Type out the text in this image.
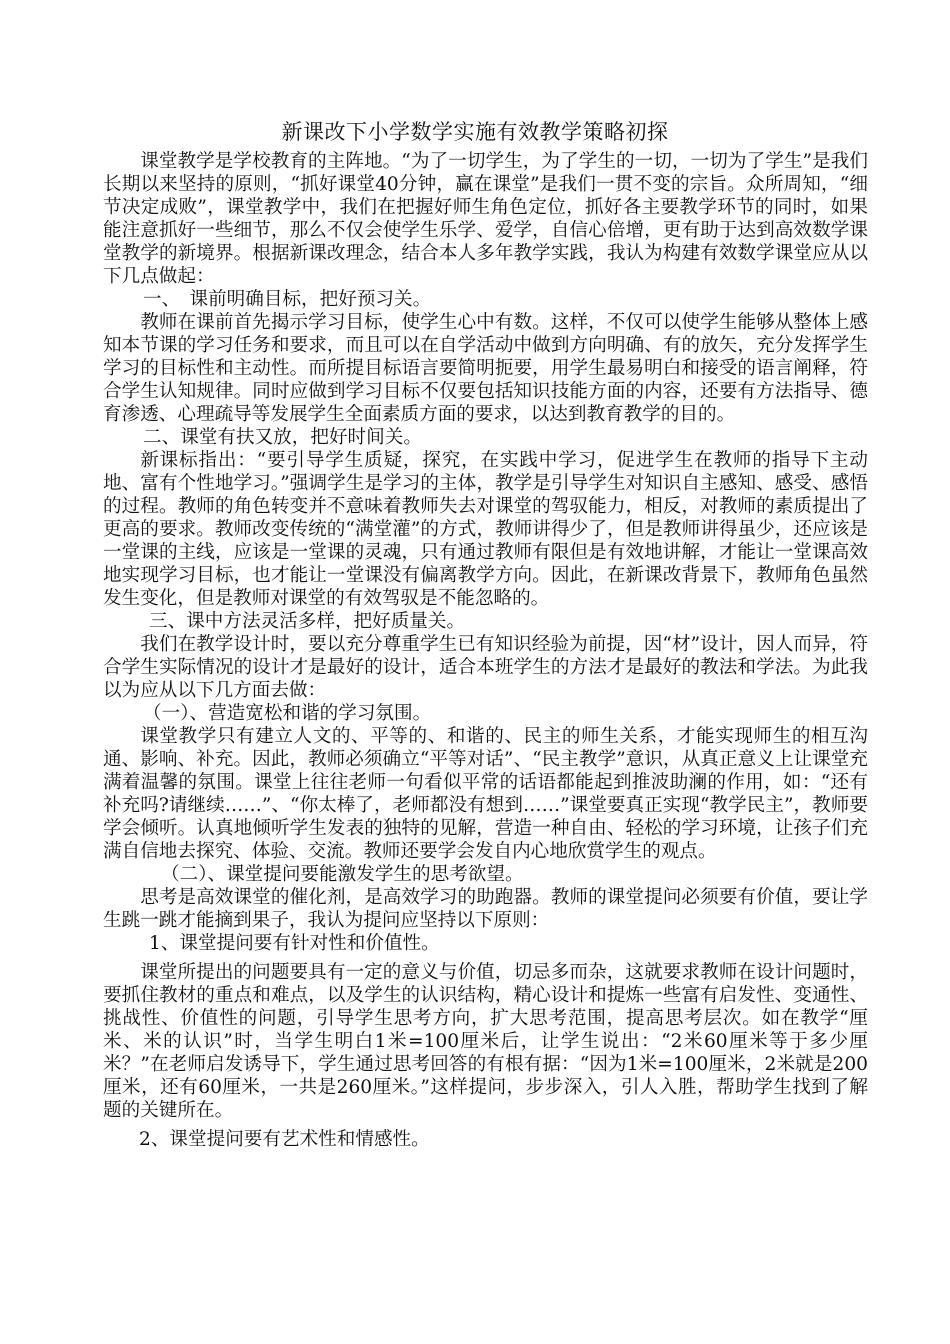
新课改下小学数学实施有效教学策略初探

课堂教学是学校教育的主阵地。“为了一切学生，为了学生的一切，一切为了学生”是我们长期以来坚持的原则，“抓好课堂40分钟，赢在课堂”是我们一贯不变的宗旨。众所周知，“细节决定成败”，课堂教学中，我们在把握好师生角色定位，抓好各主要教学环节的同时，如果能注意抓好一些细节，那么不仅会使学生乐学、爱学，自信心倍增，更有助于达到高效数学课堂教学的新境界。根据新课改理念，结合本人多年教学实践，我认为构建有效数学课堂应从以下几点做起：

一、　课前明确目标，把好预习关。

教师在课前首先揭示学习目标，使学生心中有数。这样，不仅可以使学生能够从整体上感知本节课的学习任务和要求，而且可以在自学活动中做到方向明确、有的放矢，充分发挥学生学习的目标性和主动性。而所提目标语言要简明扼要，用学生最易明白和接受的语言阐释，符合学生认知规律。同时应做到学习目标不仅要包括知识技能方面的内容，还要有方法指导、德育渗透、心理疏导等发展学生全面素质方面的要求，以达到教育教学的目的。

二、课堂有扶又放，把好时间关。

新课标指出：“要引导学生质疑，探究，在实践中学习，促进学生在教师的指导下主动地、富有个性地学习。”强调学生是学习的主体，教学是引导学生对知识自主感知、感受、感悟的过程。教师的角色转变并不意味着教师失去对课堂的驾驭能力，相反，对教师的素质提出了更高的要求。教师改变传统的“满堂灌”的方式，教师讲得少了，但是教师讲得虽少，还应该是一堂课的主线，应该是一堂课的灵魂，只有通过教师有限但是有效地讲解，才能让一堂课高效地实现学习目标，也才能让一堂课没有偏离教学方向。因此，在新课改背景下，教师角色虽然发生变化，但是教师对课堂的有效驾驭是不能忽略的。

三、课中方法灵活多样，把好质量关。

我们在教学设计时，要以充分尊重学生已有知识经验为前提，因“材”设计，因人而异，符合学生实际情况的设计才是最好的设计，适合本班学生的方法才是最好的教法和学法。为此我以为应从以下几方面去做：

（一）、营造宽松和谐的学习氛围。

课堂教学只有建立人文的、平等的、和谐的、民主的师生关系，才能实现师生的相互沟通、影响、补充。因此，教师必须确立“平等对话”、“民主教学”意识，从真正意义上让课堂充满着温馨的氛围。课堂上往往老师一句看似平常的话语都能起到推波助澜的作用，如：“还有补充吗?请继续……”、“你太棒了，老师都没有想到……”课堂要真正实现“教学民主”，教师要学会倾听。认真地倾听学生发表的独特的见解，营造一种自由、轻松的学习环境，让孩子们充满自信地去探究、体验、交流。教师还要学会发自内心地欣赏学生的观点。

（二）、课堂提问要能激发学生的思考欲望。

思考是高效课堂的催化剂，是高效学习的助跑器。教师的课堂提问必须要有价值，要让学生跳一跳才能摘到果子，我认为提问应坚持以下原则：

1、课堂提问要有针对性和价值性。

课堂所提出的问题要具有一定的意义与价值，切忌多而杂，这就要求教师在设计问题时，要抓住教材的重点和难点，以及学生的认识结构，精心设计和提炼一些富有启发性、变通性、挑战性、价值性的问题，引导学生思考方向，扩大思考范围，提高思考层次。如在教学“厘米、米的认识”时，当学生明白1米=100厘米后，让学生说出：“2米60厘米等于多少厘米？”在老师启发诱导下，学生通过思考回答的有根有据：“因为1米=100厘米，2米就是200厘米，还有60厘米，一共是260厘米。”这样提问，步步深入，引人入胜，帮助学生找到了解题的关键所在。

2、课堂提问要有艺术性和情感性。
